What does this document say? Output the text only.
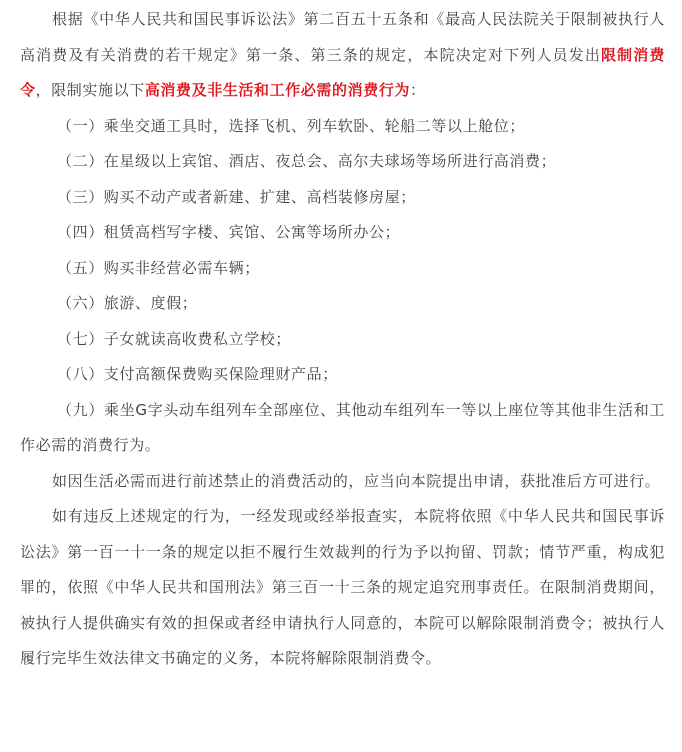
根据《中华人民共和国民事诉讼法》第二百五十五条和《最高人民法院关于限制被执行人高消费及有关消费的若干规定》第一条、第三条的规定，本院决定对下列人员发出限制消费令，限制实施以下高消费及非生活和工作必需的消费行为：

（一）乘坐交通工具时，选择飞机、列车软卧、轮船二等以上舱位；

（二）在星级以上宾馆、酒店、夜总会、高尔夫球场等场所进行高消费；

（三）购买不动产或者新建、扩建、高档装修房屋；

（四）租赁高档写字楼、宾馆、公寓等场所办公；

（五）购买非经营必需车辆；

（六）旅游、度假；

（七）子女就读高收费私立学校；

（八）支付高额保费购买保险理财产品；

（九）乘坐G字头动车组列车全部座位、其他动车组列车一等以上座位等其他非生活和工作必需的消费行为。

如因生活必需而进行前述禁止的消费活动的，应当向本院提出申请，获批准后方可进行。

如有违反上述规定的行为，一经发现或经举报查实，本院将依照《中华人民共和国民事诉讼法》第一百一十一条的规定以拒不履行生效裁判的行为予以拘留、罚款；情节严重，构成犯罪的，依照《中华人民共和国刑法》第三百一十三条的规定追究刑事责任。在限制消费期间，被执行人提供确实有效的担保或者经申请执行人同意的，本院可以解除限制消费令；被执行人履行完毕生效法律文书确定的义务，本院将解除限制消费令。
